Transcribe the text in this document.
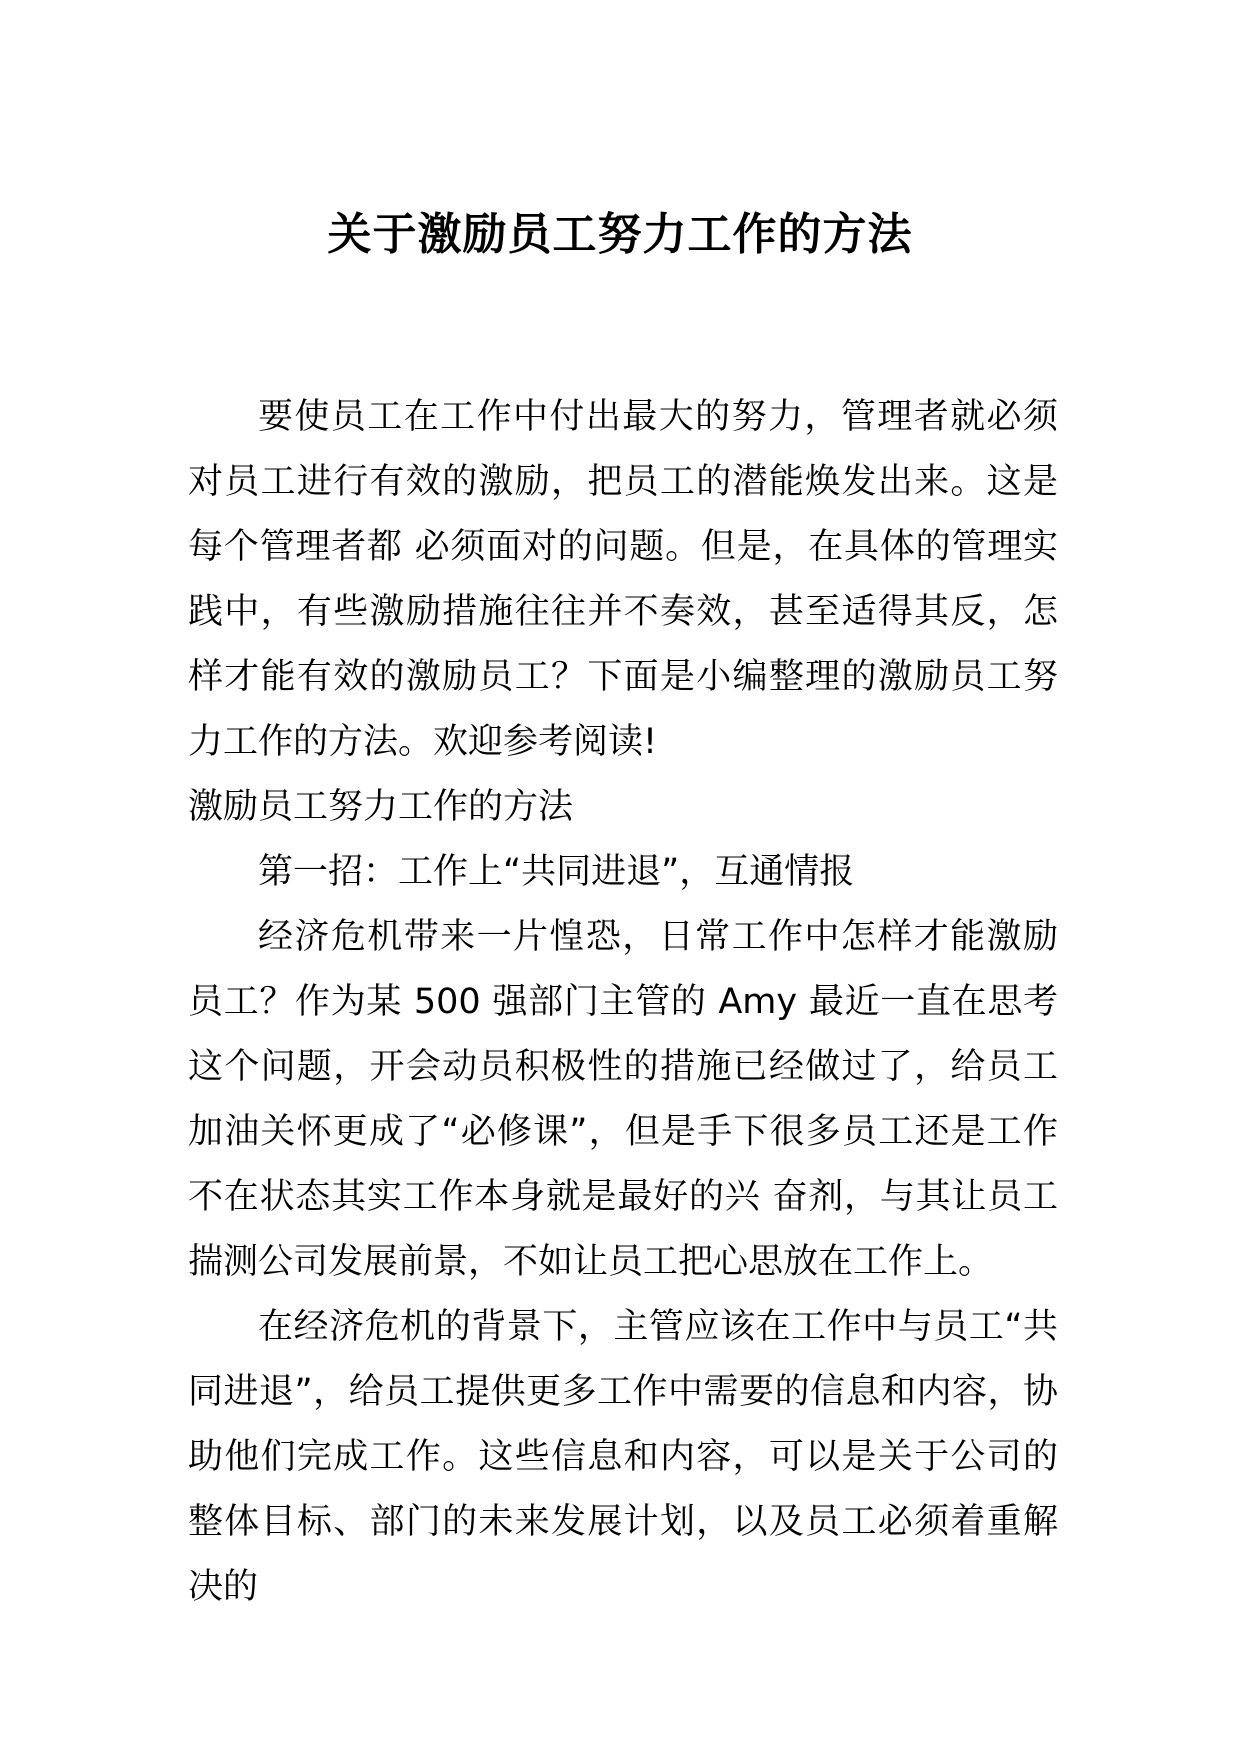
关于激励员工努力工作的方法

要使员工在工作中付出最大的努力，管理者就必须对员工进行有效的激励，把员工的潜能焕发出来。这是每个管理者都 必须面对的问题。但是，在具体的管理实践中，有些激励措施往往并不奏效，甚至适得其反，怎样才能有效的激励员工？下面是小编整理的激励员工努力工作的方法。欢迎参考阅读!

激励员工努力工作的方法

第一招：工作上“共同进退”，互通情报

经济危机带来一片惶恐，日常工作中怎样才能激励员工？作为某 500 强部门主管的 Amy 最近一直在思考这个问题，开会动员积极性的措施已经做过了，给员工加油关怀更成了“必修课”，但是手下很多员工还是工作不在状态其实工作本身就是最好的兴 奋剂，与其让员工揣测公司发展前景，不如让员工把心思放在工作上。

在经济危机的背景下，主管应该在工作中与员工“共同进退”，给员工提供更多工作中需要的信息和内容，协助他们完成工作。这些信息和内容，可以是关于公司的整体目标、部门的未来发展计划，以及员工必须着重解决的
